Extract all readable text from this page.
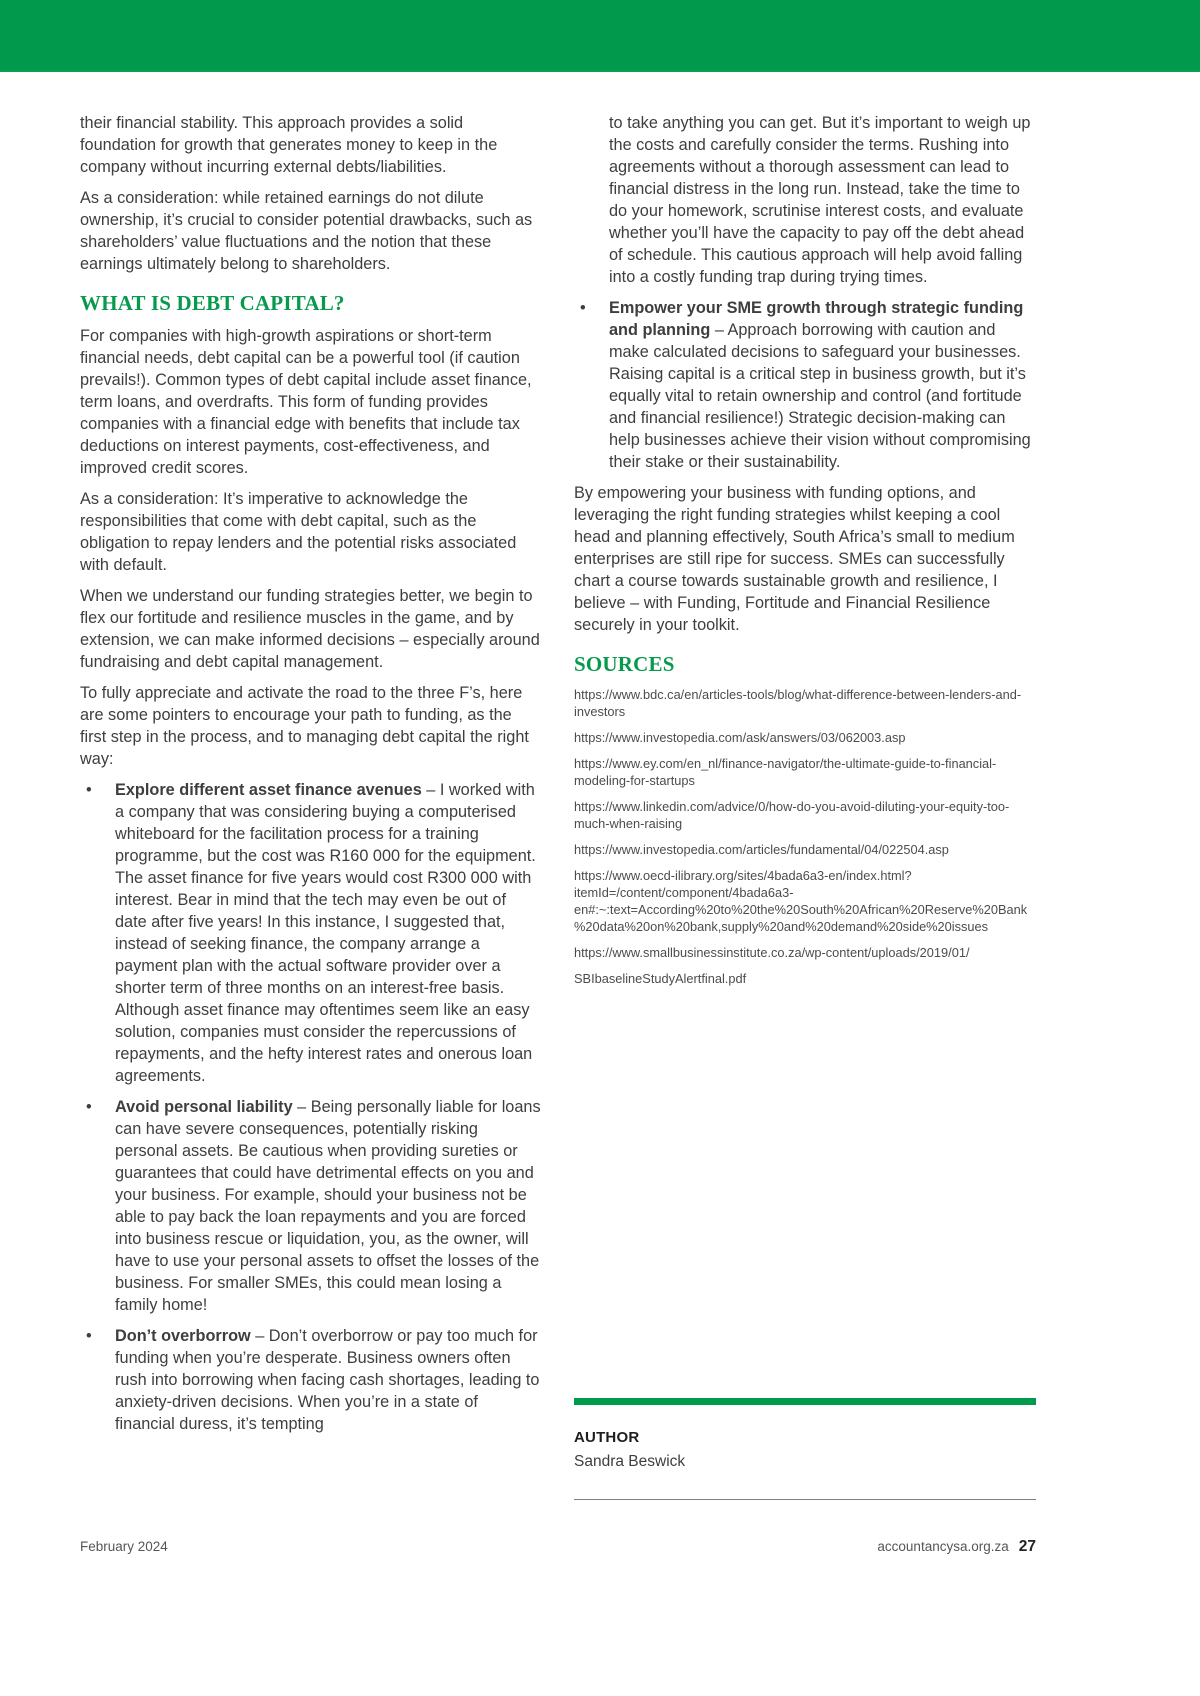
their financial stability. This approach provides a solid foundation for growth that generates money to keep in the company without incurring external debts/liabilities.

As a consideration: while retained earnings do not dilute ownership, it’s crucial to consider potential drawbacks, such as shareholders’ value fluctuations and the notion that these earnings ultimately belong to shareholders.

WHAT IS DEBT CAPITAL?

For companies with high-growth aspirations or short-term financial needs, debt capital can be a powerful tool (if caution prevails!). Common types of debt capital include asset finance, term loans, and overdrafts. This form of funding provides companies with a financial edge with benefits that include tax deductions on interest payments, cost-effectiveness, and improved credit scores.

As a consideration: It’s imperative to acknowledge the responsibilities that come with debt capital, such as the obligation to repay lenders and the potential risks associated with default.

When we understand our funding strategies better, we begin to flex our fortitude and resilience muscles in the game, and by extension, we can make informed decisions – especially around fundraising and debt capital management.

To fully appreciate and activate the road to the three F’s, here are some pointers to encourage your path to funding, as the first step in the process, and to managing debt capital the right way:

•	Explore different asset finance avenues – I worked with a company that was considering buying a computerised whiteboard for the facilitation process for a training programme, but the cost was R160 000 for the equipment. The asset finance for five years would cost R300 000 with interest. Bear in mind that the tech may even be out of date after five years! In this instance, I suggested that, instead of seeking finance, the company arrange a payment plan with the actual software provider over a shorter term of three months on an interest-free basis. Although asset finance may oftentimes seem like an easy solution, companies must consider the repercussions of repayments, and the hefty interest rates and onerous loan agreements.
•	Avoid personal liability – Being personally liable for loans can have severe consequences, potentially risking personal assets. Be cautious when providing sureties or guarantees that could have detrimental effects on you and your business. For example, should your business not be able to pay back the loan repayments and you are forced into business rescue or liquidation, you, as the owner, will have to use your personal assets to offset the losses of the business. For smaller SMEs, this could mean losing a family home!
•	Don’t overborrow – Don’t overborrow or pay too much for funding when you’re desperate. Business owners often rush into borrowing when facing cash shortages, leading to anxiety-driven decisions. When you’re in a state of financial duress, it’s tempting

to take anything you can get. But it’s important to weigh up the costs and carefully consider the terms. Rushing into agreements without a thorough assessment can lead to financial distress in the long run. Instead, take the time to do your homework, scrutinise interest costs, and evaluate whether you’ll have the capacity to pay off the debt ahead of schedule. This cautious approach will help avoid falling into a costly funding trap during trying times.

•	Empower your SME growth through strategic funding and planning – Approach borrowing with caution and make calculated decisions to safeguard your businesses. Raising capital is a critical step in business growth, but it’s equally vital to retain ownership and control (and fortitude and financial resilience!) Strategic decision-making can help businesses achieve their vision without compromising their stake or their sustainability.

By empowering your business with funding options, and leveraging the right funding strategies whilst keeping a cool head and planning effectively, South Africa’s small to medium enterprises are still ripe for success. SMEs can successfully chart a course towards sustainable growth and resilience, I believe – with Funding, Fortitude and Financial Resilience securely in your toolkit.

SOURCES

https://www.bdc.ca/en/articles-tools/blog/what-difference-between-lenders-and-investors

https://www.investopedia.com/ask/answers/03/062003.asp

https://www.ey.com/en_nl/finance-navigator/the-ultimate-guide-to-financial-modeling-for-startups

https://www.linkedin.com/advice/0/how-do-you-avoid-diluting-your-equity-too-much-when-raising

https://www.investopedia.com/articles/fundamental/04/022504.asp

https://www.oecd-ilibrary.org/sites/4bada6a3-en/index.html?itemId=/content/component/4bada6a3-en#:~:text=According%20to%20the%20South%20African%20Reserve%20Bank%20data%20on%20bank,supply%20and%20demand%20side%20issues

https://www.smallbusinessinstitute.co.za/wp-content/uploads/2019/01/

SBIbaselineStudyAlertfinal.pdf

AUTHOR
Sandra Beswick
February 2024	accountancysa.org.za 27
